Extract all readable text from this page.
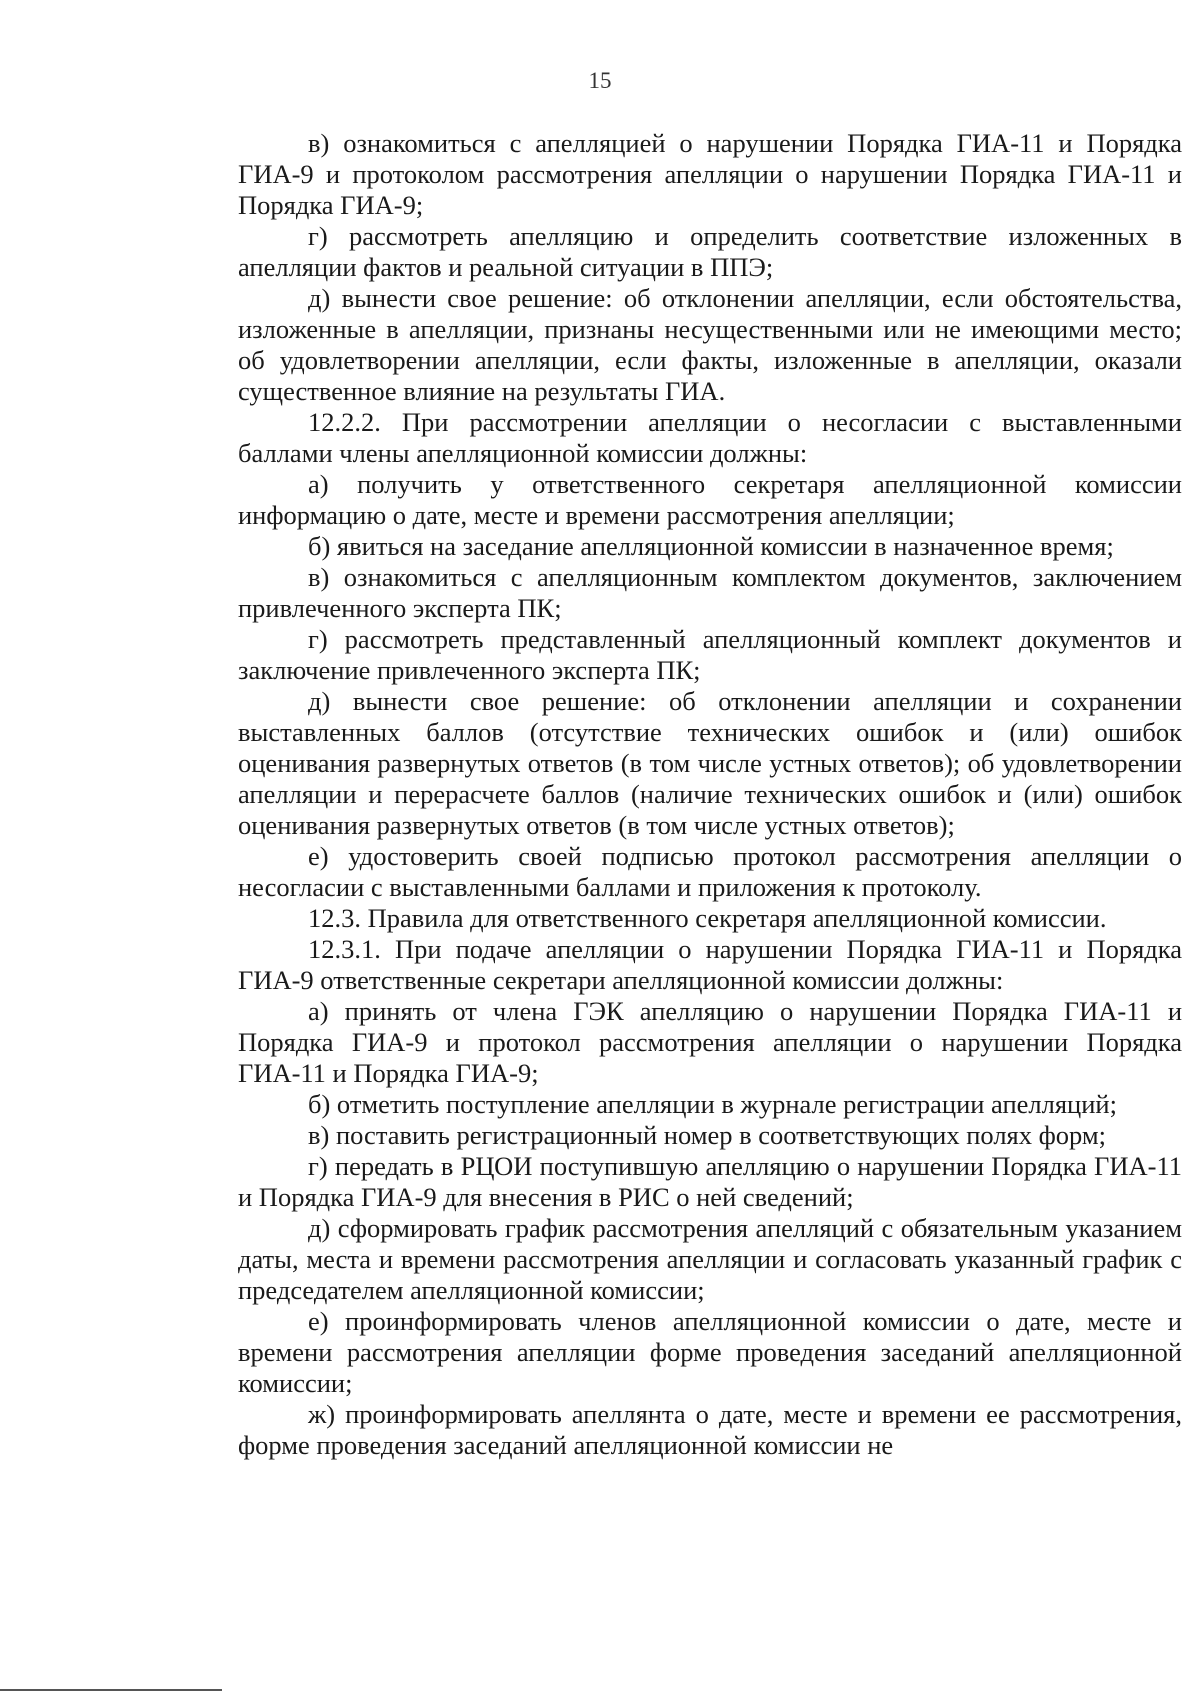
15

в) ознакомиться с апелляцией о нарушении Порядка ГИА-11 и Порядка ГИА-9 и протоколом рассмотрения апелляции о нарушении Порядка ГИА-11 и Порядка ГИА-9;

г) рассмотреть апелляцию и определить соответствие изложенных в апелляции фактов и реальной ситуации в ППЭ;

д) вынести свое решение: об отклонении апелляции, если обстоятельства, изложенные в апелляции, признаны несущественными или не имеющими место; об удовлетворении апелляции, если факты, изложенные в апелляции, оказали существенное влияние на результаты ГИА.

12.2.2. При рассмотрении апелляции о несогласии с выставленными баллами члены апелляционной комиссии должны:

а) получить у ответственного секретаря апелляционной комиссии информацию о дате, месте и времени рассмотрения апелляции;

б) явиться на заседание апелляционной комиссии в назначенное время;

в) ознакомиться с апелляционным комплектом документов, заключением привлеченного эксперта ПК;

г) рассмотреть представленный апелляционный комплект документов и заключение привлеченного эксперта ПК;

д) вынести свое решение: об отклонении апелляции и сохранении выставленных баллов (отсутствие технических ошибок и (или) ошибок оценивания развернутых ответов (в том числе устных ответов); об удовлетворении апелляции и перерасчете баллов (наличие технических ошибок и (или) ошибок оценивания развернутых ответов (в том числе устных ответов);

е) удостоверить своей подписью протокол рассмотрения апелляции о несогласии с выставленными баллами и приложения к протоколу.

12.3. Правила для ответственного секретаря апелляционной комиссии.

12.3.1. При подаче апелляции о нарушении Порядка ГИА-11 и Порядка ГИА-9 ответственные секретари апелляционной комиссии должны:

а) принять от члена ГЭК апелляцию о нарушении Порядка ГИА-11 и Порядка ГИА-9 и протокол рассмотрения апелляции о нарушении Порядка ГИА-11 и Порядка ГИА-9;

б) отметить поступление апелляции в журнале регистрации апелляций;

в) поставить регистрационный номер в соответствующих полях форм;

г) передать в РЦОИ поступившую апелляцию о нарушении Порядка ГИА-11 и Порядка ГИА-9 для внесения в РИС о ней сведений;

д) сформировать график рассмотрения апелляций с обязательным указанием даты, места и времени рассмотрения апелляции и согласовать указанный график с председателем апелляционной комиссии;

е) проинформировать членов апелляционной комиссии о дате, месте и времени рассмотрения апелляции форме проведения заседаний апелляционной комиссии;

ж) проинформировать апеллянта о дате, месте и времени ее рассмотрения, форме проведения заседаний апелляционной комиссии не
